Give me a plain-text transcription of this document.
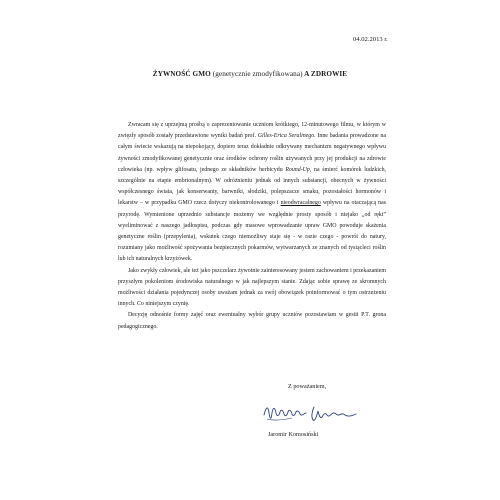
04.02.2013 r.
ŻYWNOŚĆ GMO (genetycznie zmodyfikowana) A ZDROWIE

Zwracam się z uprzejmą prośbą o zaprezentowanie uczniom krótkiego, 12-minutowego filmu, w którym w zwięzły sposób zostały przedstawione wyniki badań prof. Gilles-Erica Seralinego. Inne badania prowadzone na całym świecie wskazują na niepokojący, dopiero teraz dokładnie odkrywany mechanizm negatywnego wpływu żywności zmodyfikowanej genetycznie oraz środków ochrony roślin używanych przy jej produkcji na zdrowie człowieka (np. wpływ glifosatu, jednego ze składników herbicydu Round-Up, na śmierć komórek ludzkich, szczególnie na etapie embrionalnym). W odróżnieniu jednak od innych substancji, obecnych w żywności współczesnego świata, jak konserwanty, barwniki, słodziki, polepszacze smaku, pozostałości hormonów i lekarstw – w przypadku GMO rzecz dotyczy niekontrolowanego i nieodwracalnego wpływu na otaczającą nas przyrodę. Wymienione uprzednio substancje możemy we względnie prosty sposób i niejako „od ręki” wyeliminować z naszego jadłospisu, podczas gdy masowe wprowadzanie upraw GMO powoduje skażenia genetyczne roślin (przepylenia), wskutek czego niemożliwy staje się - w razie czego - powrót do natury, rozumiany jako możliwość spożywania bezpiecznych pokarmów, wytwarzanych ze znanych od tysiącleci roślin lub ich naturalnych krzyżówek.

Jako zwykły człowiek, ale też jako pszczelarz żywotnie zainteresowany jestem zachowaniem i przekazaniem przyszłym pokoleniom środowiska naturalnego w jak najlepszym stanie. Zdając sobie sprawę ze skromnych możliwości działania pojedynczej osoby uważam jednak za swój obowiązek poinformować o tym ostrzeżeniu innych. Co niniejszym czynię.

Decyzję odnośnie formy zajęć oraz ewentualny wybór grupy uczniów pozostawiam w gestii P.T. grona pedagogicznego.

Z poważaniem,
Jaromir Komosiński
